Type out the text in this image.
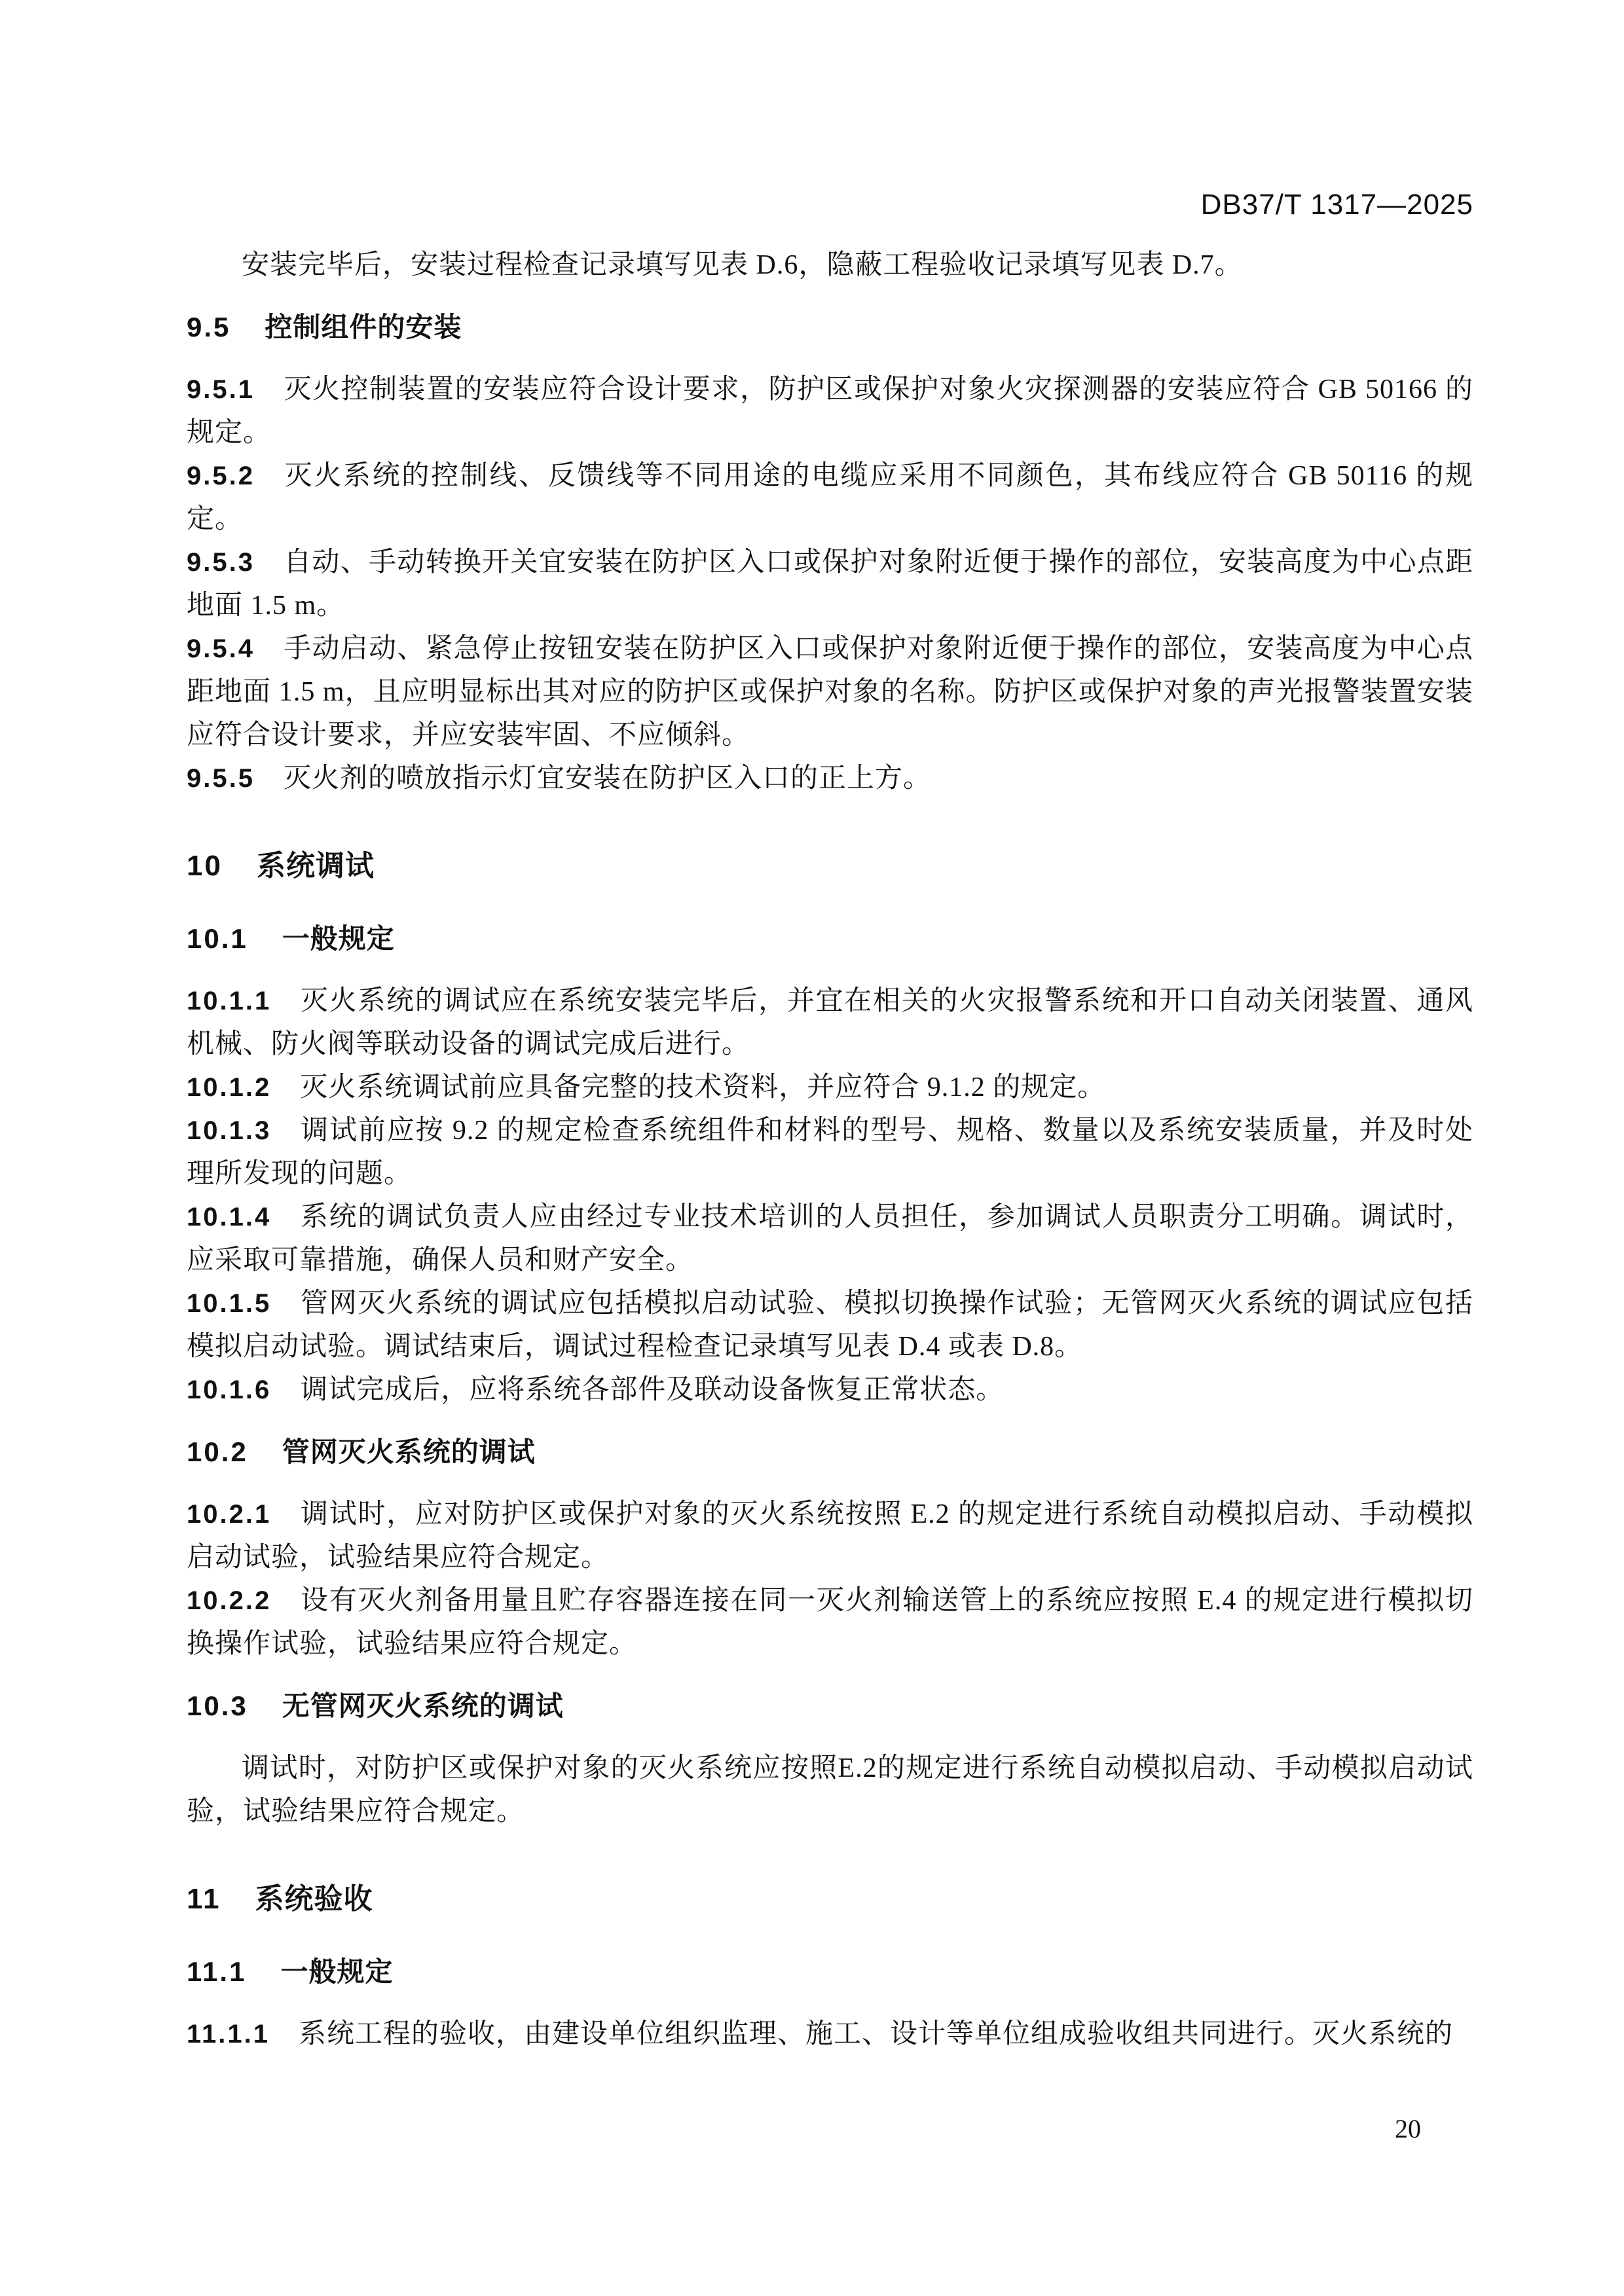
DB37/T 1317—2025

安装完毕后，安装过程检查记录填写见表 D.6，隐蔽工程验收记录填写见表 D.7。

9.5 控制组件的安装

9.5.1 灭火控制装置的安装应符合设计要求，防护区或保护对象火灾探测器的安装应符合 GB 50166 的规定。

9.5.2 灭火系统的控制线、反馈线等不同用途的电缆应采用不同颜色，其布线应符合 GB 50116 的规定。

9.5.3 自动、手动转换开关宜安装在防护区入口或保护对象附近便于操作的部位，安装高度为中心点距地面 1.5 m。

9.5.4 手动启动、紧急停止按钮安装在防护区入口或保护对象附近便于操作的部位，安装高度为中心点距地面 1.5 m，且应明显标出其对应的防护区或保护对象的名称。防护区或保护对象的声光报警装置安装应符合设计要求，并应安装牢固、不应倾斜。

9.5.5 灭火剂的喷放指示灯宜安装在防护区入口的正上方。

10 系统调试
10.1 一般规定

10.1.1 灭火系统的调试应在系统安装完毕后，并宜在相关的火灾报警系统和开口自动关闭装置、通风机械、防火阀等联动设备的调试完成后进行。

10.1.2 灭火系统调试前应具备完整的技术资料，并应符合 9.1.2 的规定。

10.1.3 调试前应按 9.2 的规定检查系统组件和材料的型号、规格、数量以及系统安装质量，并及时处理所发现的问题。

10.1.4 系统的调试负责人应由经过专业技术培训的人员担任，参加调试人员职责分工明确。调试时，应采取可靠措施，确保人员和财产安全。

10.1.5 管网灭火系统的调试应包括模拟启动试验、模拟切换操作试验；无管网灭火系统的调试应包括模拟启动试验。调试结束后，调试过程检查记录填写见表 D.4 或表 D.8。

10.1.6 调试完成后，应将系统各部件及联动设备恢复正常状态。

10.2 管网灭火系统的调试

10.2.1 调试时，应对防护区或保护对象的灭火系统按照 E.2 的规定进行系统自动模拟启动、手动模拟启动试验，试验结果应符合规定。

10.2.2 设有灭火剂备用量且贮存容器连接在同一灭火剂输送管上的系统应按照 E.4 的规定进行模拟切换操作试验，试验结果应符合规定。

10.3 无管网灭火系统的调试

调试时，对防护区或保护对象的灭火系统应按照E.2的规定进行系统自动模拟启动、手动模拟启动试验，试验结果应符合规定。

11 系统验收
11.1 一般规定

11.1.1 系统工程的验收，由建设单位组织监理、施工、设计等单位组成验收组共同进行。灭火系统的

20
